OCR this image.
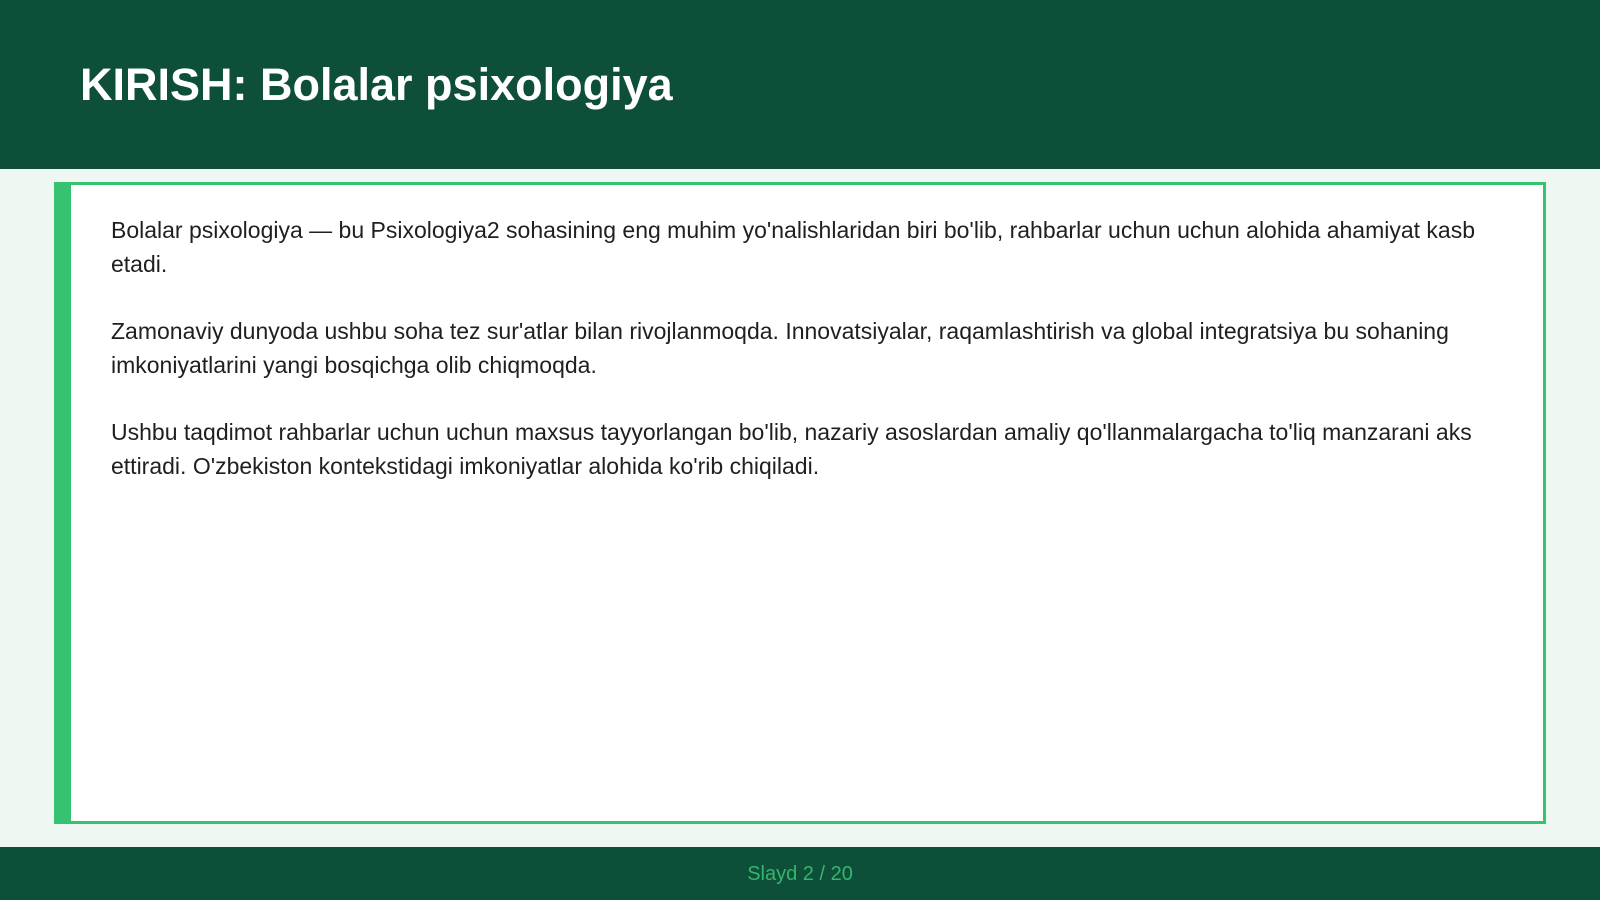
KIRISH: Bolalar psixologiya

Bolalar psixologiya — bu Psixologiya2 sohasining eng muhim yo'nalishlaridan biri bo'lib, rahbarlar uchun uchun alohida ahamiyat kasb etadi.

Zamonaviy dunyoda ushbu soha tez sur'atlar bilan rivojlanmoqda. Innovatsiyalar, raqamlashtirish va global integratsiya bu sohaning imkoniyatlarini yangi bosqichga olib chiqmoqda.

Ushbu taqdimot rahbarlar uchun uchun maxsus tayyorlangan bo'lib, nazariy asoslardan amaliy qo'llanmalargacha to'liq manzarani aks ettiradi. O'zbekiston kontekstidagi imkoniyatlar alohida ko'rib chiqiladi.

Slayd 2 / 20
